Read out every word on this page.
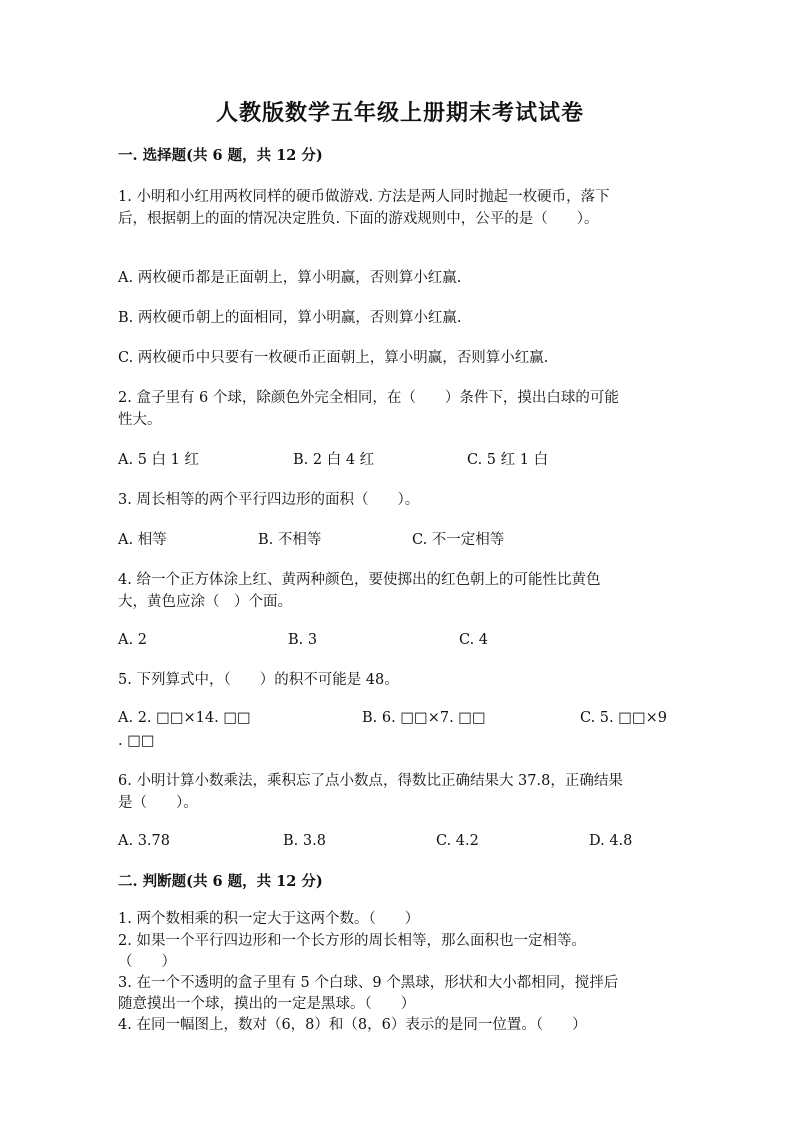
人教版数学五年级上册期末考试试卷
一. 选择题(共 6 题，共 12 分)
1. 小明和小红用两枚同样的硬币做游戏. 方法是两人同时抛起一枚硬币，落下
后，根据朝上的面的情况决定胜负. 下面的游戏规则中，公平的是（　　）。
A. 两枚硬币都是正面朝上，算小明赢，否则算小红赢.
B. 两枚硬币朝上的面相同，算小明赢，否则算小红赢.
C. 两枚硬币中只要有一枚硬币正面朝上，算小明赢，否则算小红赢.
2. 盒子里有 6 个球，除颜色外完全相同，在（　　）条件下，摸出白球的可能
性大。
A. 5 白 1 红	B. 2 白 4 红	C. 5 红 1 白
3. 周长相等的两个平行四边形的面积（　　）。
A. 相等	B. 不相等	C. 不一定相等
4. 给一个正方体涂上红、黄两种颜色，要使掷出的红色朝上的可能性比黄色
大，黄色应涂（　）个面。
A. 2	B. 3	C. 4
5. 下列算式中，（　　）的积不可能是 48。
A. 2. □□×14. □□	B. 6. □□×7. □□	C. 5. □□×9
. □□
6. 小明计算小数乘法，乘积忘了点小数点，得数比正确结果大 37.8，正确结果
是（　　）。
A. 3.78	B. 3.8	C. 4.2	D. 4.8
二. 判断题(共 6 题，共 12 分)
1. 两个数相乘的积一定大于这两个数。（　　）
2. 如果一个平行四边形和一个长方形的周长相等，那么面积也一定相等。
（　　）
3. 在一个不透明的盒子里有 5 个白球、9 个黑球，形状和大小都相同，搅拌后
随意摸出一个球，摸出的一定是黑球。（　　）
4. 在同一幅图上，数对（6，8）和（8，6）表示的是同一位置。（　　）
